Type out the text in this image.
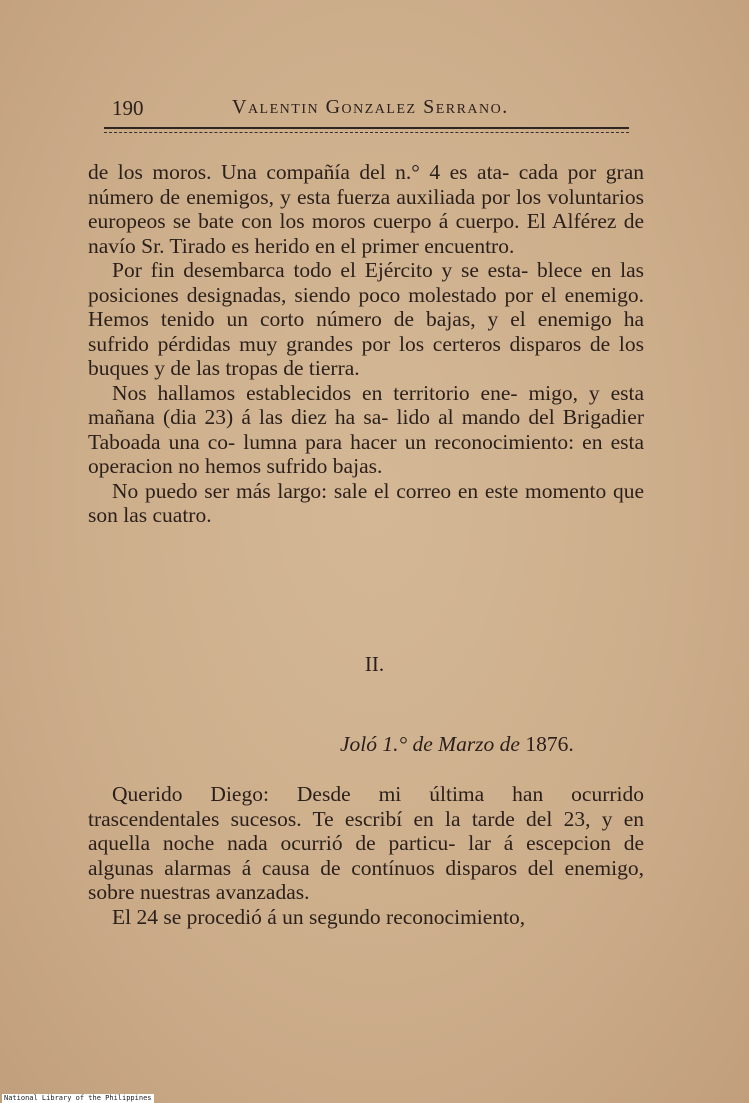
190	Valentin Gonzalez Serrano.

de los moros. Una compañía del n.° 4 es ata- cada por gran número de enemigos, y esta fuerza auxiliada por los voluntarios europeos se bate con los moros cuerpo á cuerpo. El Alférez de navío Sr. Tirado es herido en el primer encuentro.

Por fin desembarca todo el Ejército y se esta- blece en las posiciones designadas, siendo poco molestado por el enemigo. Hemos tenido un corto número de bajas, y el enemigo ha sufrido pérdidas muy grandes por los certeros disparos de los buques y de las tropas de tierra.

Nos hallamos establecidos en territorio ene- migo, y esta mañana (dia 23) á las diez ha sa- lido al mando del Brigadier Taboada una co- lumna para hacer un reconocimiento: en esta operacion no hemos sufrido bajas.

No puedo ser más largo: sale el correo en este momento que son las cuatro.

II.
Joló 1.° de Marzo de 1876.

Querido Diego: Desde mi última han ocurrido trascendentales sucesos. Te escribí en la tarde del 23, y en aquella noche nada ocurrió de particu- lar á escepcion de algunas alarmas á causa de contínuos disparos del enemigo, sobre nuestras avanzadas.

El 24 se procedió á un segundo reconocimiento,

National Library of the Philippines
